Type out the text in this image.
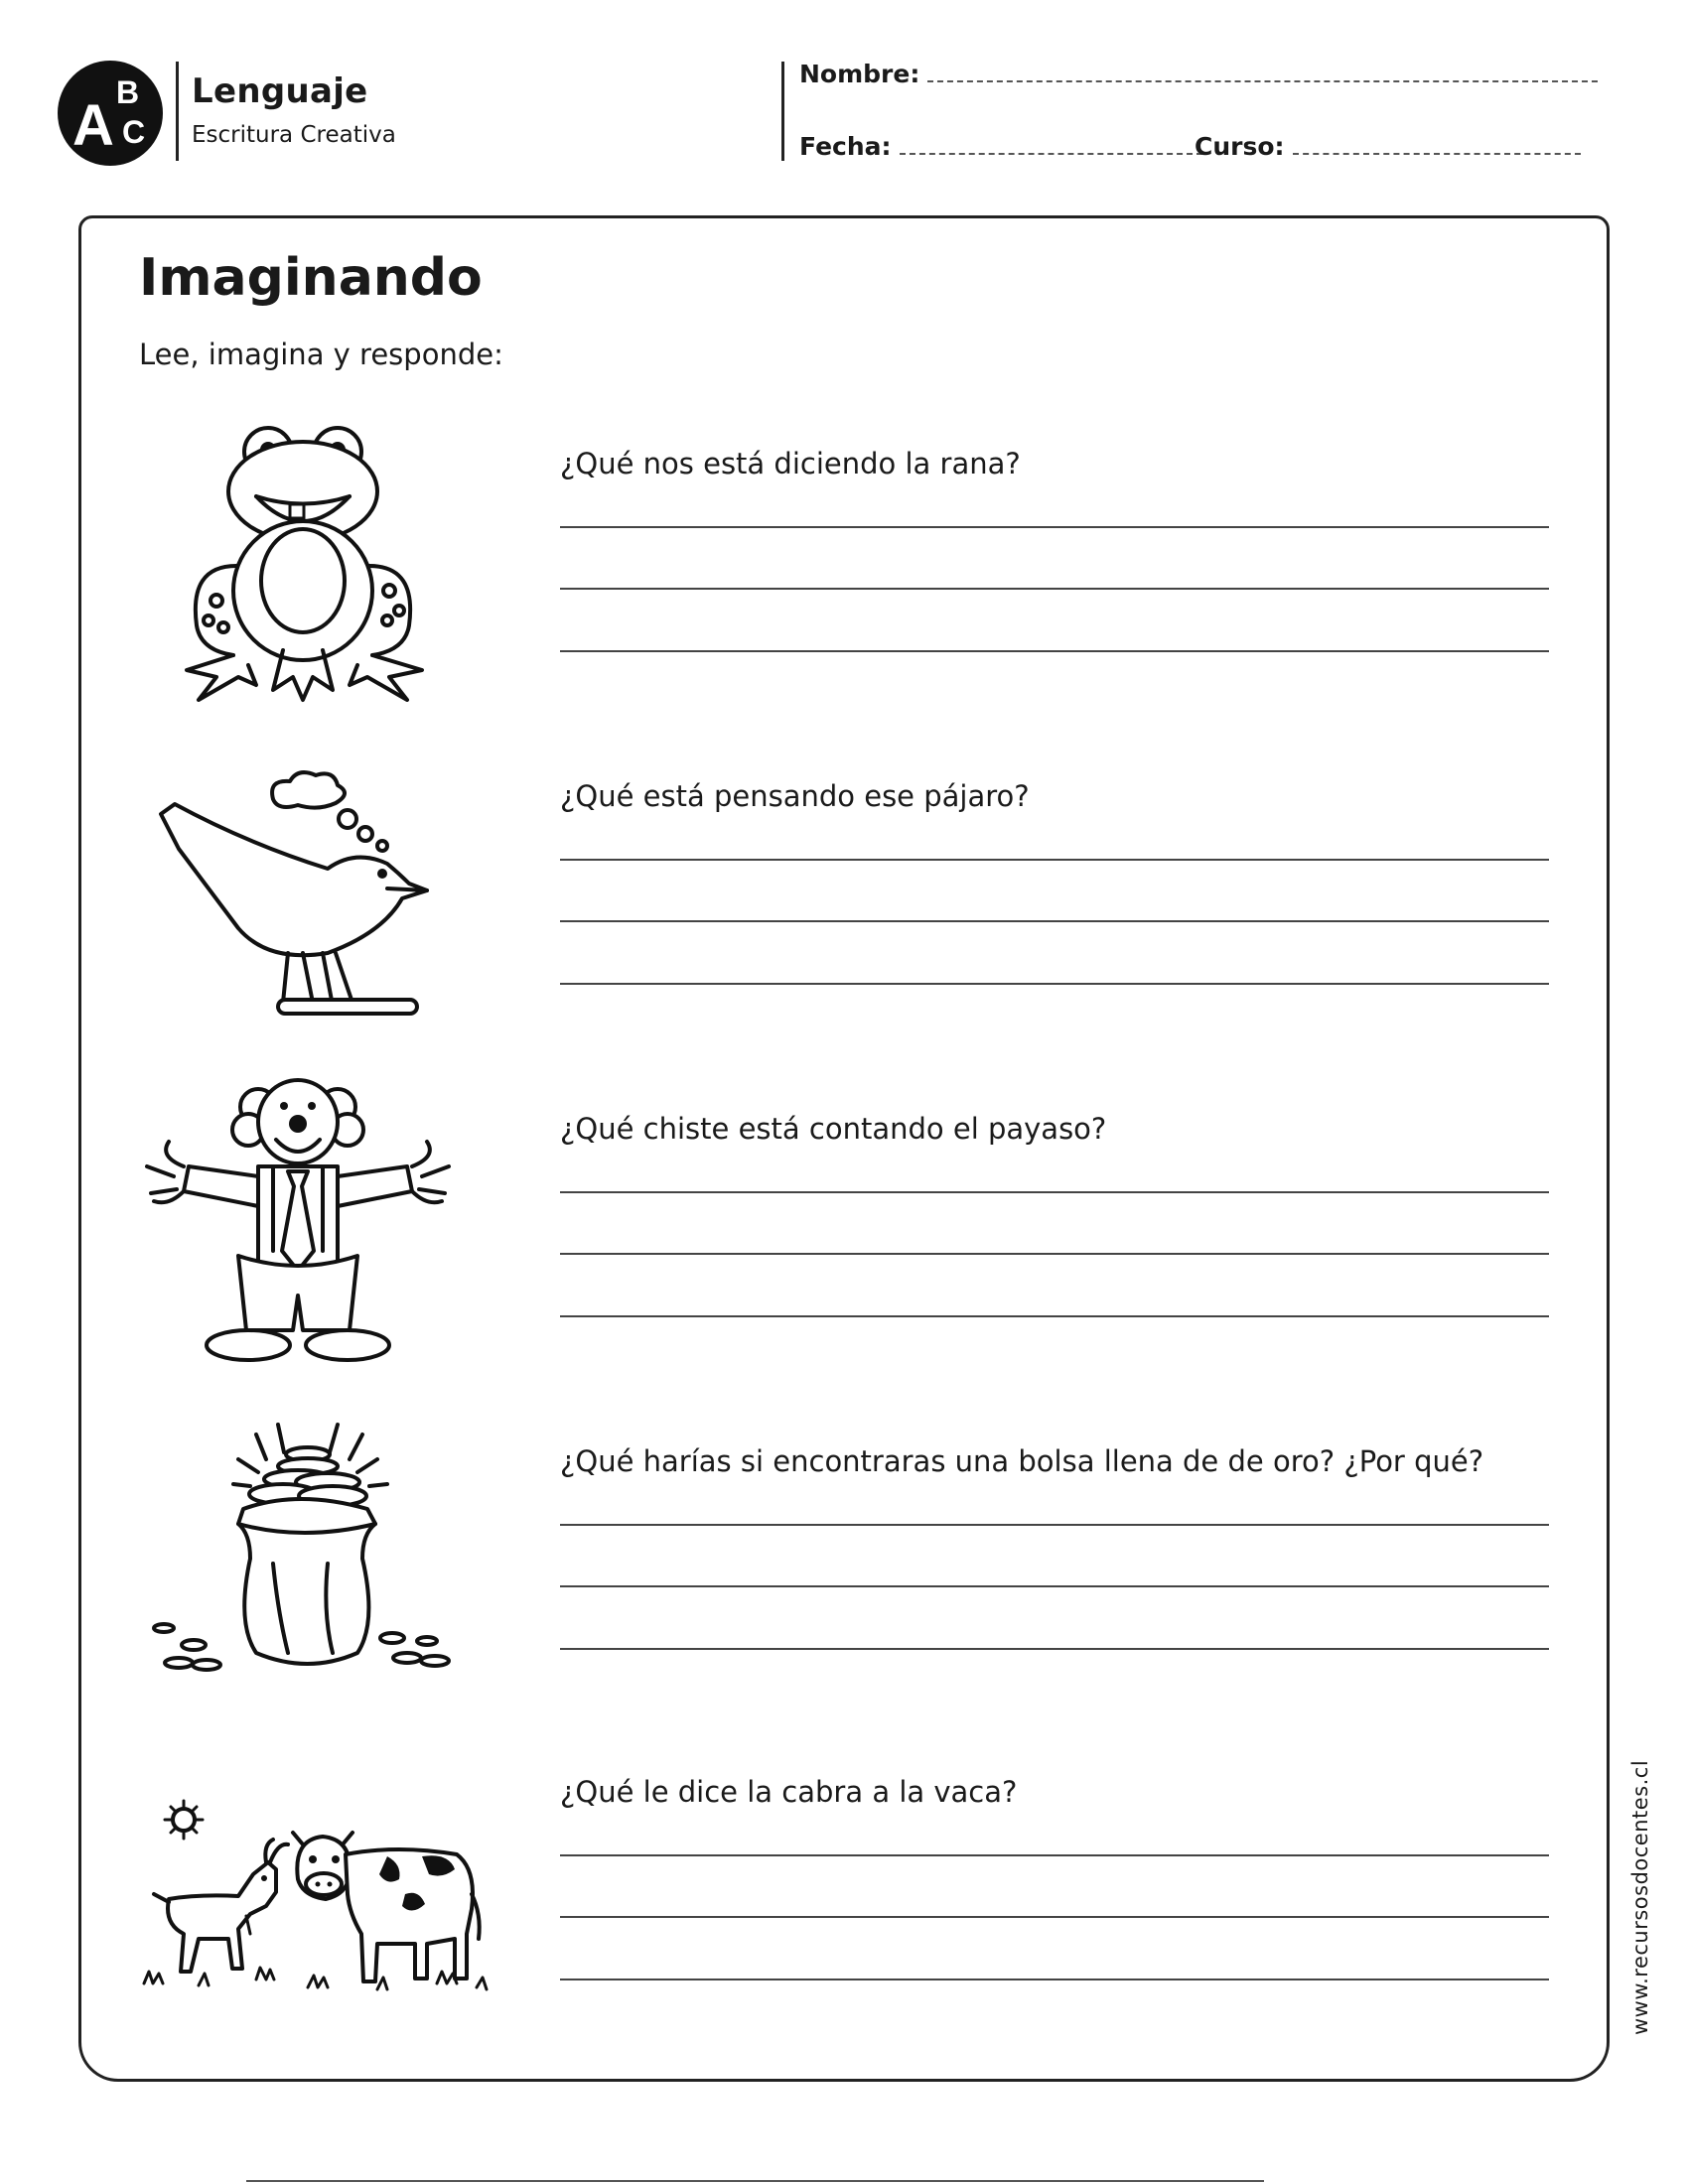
A
B
C
Lenguaje
Escritura Creativa
Nombre:
Fecha:	Curso:
Imaginando
Lee, imagina y responde:
¿Qué nos está diciendo la rana?
¿Qué está pensando ese pájaro?
¿Qué chiste está contando el payaso?
¿Qué harías si encontraras una bolsa llena de de oro? ¿Por qué?
¿Qué le dice la cabra a la vaca?	www.recursosdocentes.cl
